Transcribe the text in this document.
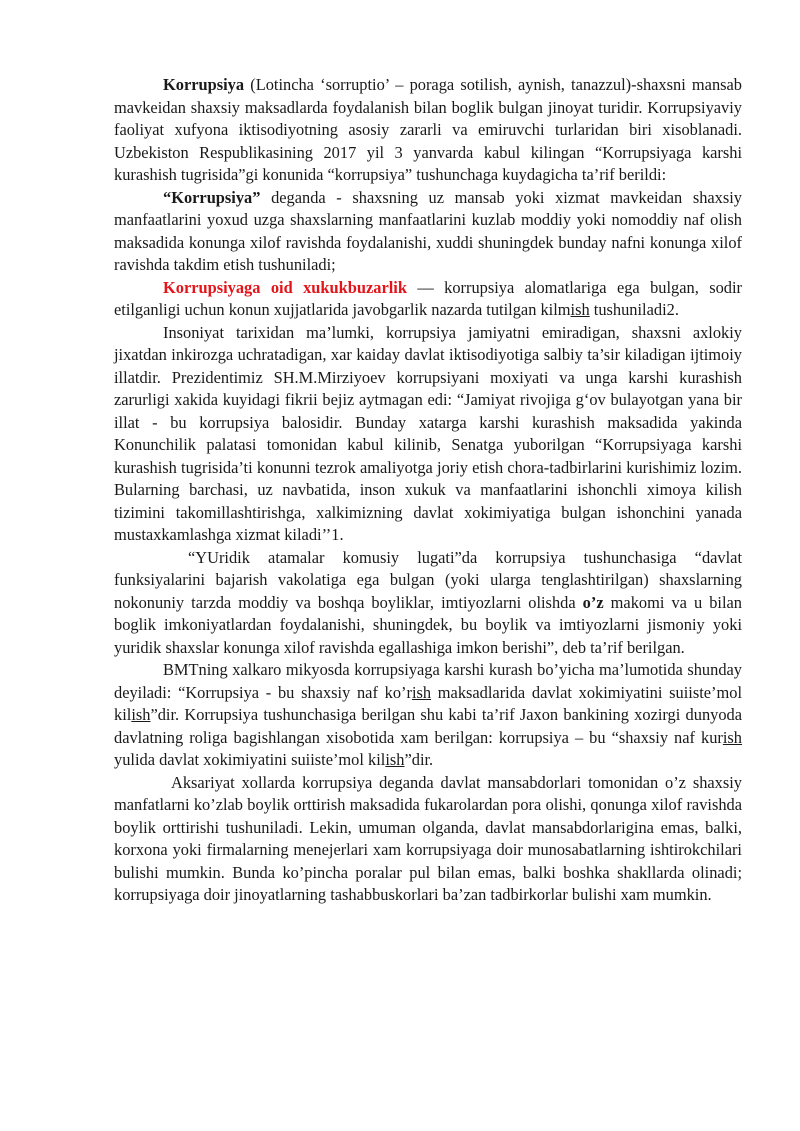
Korrupsiya (Lotincha ‘sorruptio’ – poraga sotilish, aynish, tanazzul)-shaxsni mansab mavkeidan shaxsiy maksadlarda foydalanish bilan boglik bulgan jinoyat turidir. Korrupsiyaviy faoliyat xufyona iktisodiyotning asosiy zararli va emiruvchi turlaridan biri xisoblanadi. Uzbekiston Respublikasining 2017 yil 3 yanvarda kabul kilingan “Korrupsiyaga karshi kurashish tugrisida”gi konunida “korrupsiya” tushunchaga kuydagicha ta’rif berildi:

“Korrupsiya” deganda - shaxsning uz mansab yoki xizmat mavkeidan shaxsiy manfaatlarini yoxud uzga shaxslarning manfaatlarini kuzlab moddiy yoki nomoddiy naf olish maksadida konunga xilof ravishda foydalanishi, xuddi shuningdek bunday nafni konunga xilof ravishda takdim etish tushuniladi;

Korrupsiyaga oid xukukbuzarlik — korrupsiya alomatlariga ega bulgan, sodir etilganligi uchun konun xujjatlarida javobgarlik nazarda tutilgan kilmish tushuniladi2.

Insoniyat tarixidan ma’lumki, korrupsiya jamiyatni emiradigan, shaxsni axlokiy jixatdan inkirozga uchratadigan, xar kaiday davlat iktisodiyotiga salbiy ta’sir kiladigan ijtimoiy illatdir. Prezidentimiz SH.M.Mirziyoev korrupsiyani moxiyati va unga karshi kurashish zarurligi xakida kuyidagi fikrii bejiz aytmagan edi: “Jamiyat rivojiga g‘ov bulayotgan yana bir illat - bu korrupsiya balosidir. Bunday xatarga karshi kurashish maksadida yakinda Konunchilik palatasi tomonidan kabul kilinib, Senatga yuborilgan “Korrupsiyaga karshi kurashish tugrisida’ti konunni tezrok amaliyotga joriy etish chora-tadbirlarini kurishimiz lozim. Bularning barchasi, uz navbatida, inson xukuk va manfaatlarini ishonchli ximoya kilish tizimini takomillashtirishga, xalkimizning davlat xokimiyatiga bulgan ishonchini yanada mustaxkamlashga xizmat kiladi’’1.

“YUridik atamalar komusiy lugati”da korrupsiya tushunchasiga “davlat funksiyalarini bajarish vakolatiga ega bulgan (yoki ularga tenglashtirilgan) shaxslarning nokonuniy tarzda moddiy va boshqa boyliklar, imtiyozlarni olishda o’z makomi va u bilan boglik imkoniyatlardan foydalanishi, shuningdek, bu boylik va imtiyozlarni jismoniy yoki yuridik shaxslar konunga xilof ravishda egallashiga imkon berishi”, deb ta’rif berilgan.

BMTning xalkaro mikyosda korrupsiyaga karshi kurash bo’yicha ma’lumotida shunday deyiladi: “Korrupsiya - bu shaxsiy naf ko’rish maksadlarida davlat xokimiyatini suiiste’mol kilish”dir. Korrupsiya tushunchasiga berilgan shu kabi ta’rif Jaxon bankining xozirgi dunyoda davlatning roliga bagishlangan xisobotida xam berilgan: korrupsiya – bu “shaxsiy naf kurish yulida davlat xokimiyatini suiiste’mol kilish”dir.

Aksariyat xollarda korrupsiya deganda davlat mansabdorlari tomonidan o’z shaxsiy manfatlarni ko’zlab boylik orttirish maksadida fukarolardan pora olishi, qonunga xilof ravishda boylik orttirishi tushuniladi. Lekin, umuman olganda, davlat mansabdorlarigina emas, balki, korxona yoki firmalarning menejerlari xam korrupsiyaga doir munosabatlarning ishtirokchilari bulishi mumkin. Bunda ko’pincha poralar pul bilan emas, balki boshka shakllarda olinadi; korrupsiyaga doir jinoyatlarning tashabbuskorlari ba’zan tadbirkorlar bulishi xam mumkin.
